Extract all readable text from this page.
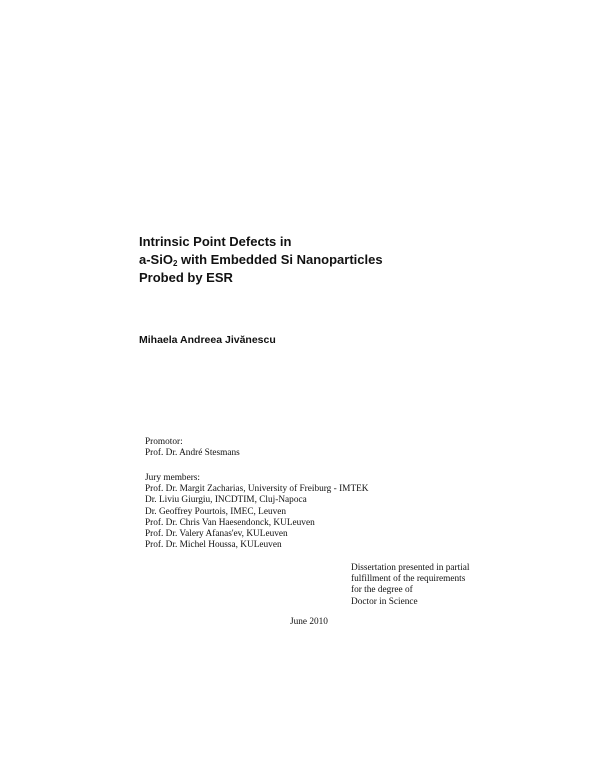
Intrinsic Point Defects in
a-SiO$_2$ with Embedded Si Nanoparticles
Probed by ESR
Mihaela Andreea Jivănescu
Promotor:
Prof. Dr. André Stesmans
Jury members:
Prof. Dr. Margit Zacharias, University of Freiburg - IMTEK
Dr. Liviu Giurgiu, INCDTIM, Cluj-Napoca
Dr. Geoffrey Pourtois, IMEC, Leuven
Prof. Dr. Chris Van Haesendonck, KULeuven
Prof. Dr. Valery Afanas'ev, KULeuven
Prof. Dr. Michel Houssa, KULeuven
Dissertation presented in partial
fulfillment of the requirements
for the degree of
Doctor in Science
June 2010
